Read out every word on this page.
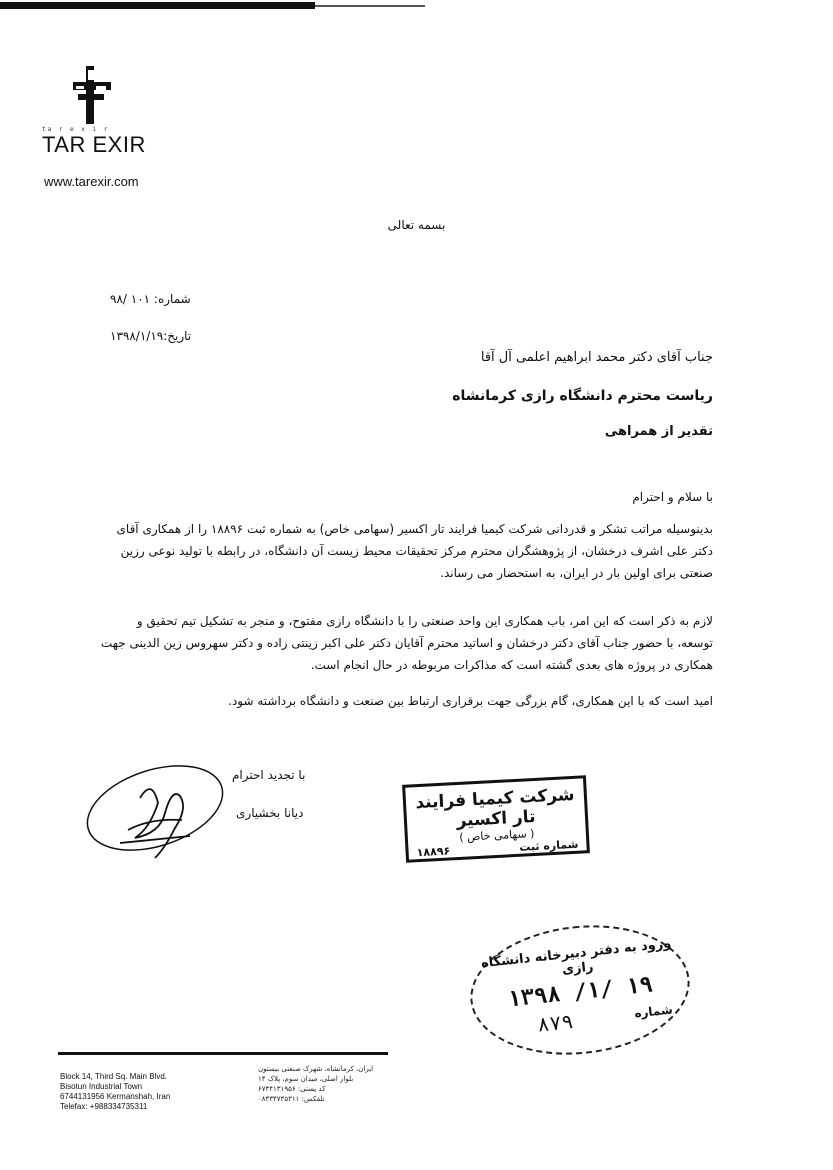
ta r e x i r
TAR EXIR
www.tarexir.com
بسمه تعالی
شماره: ۱۰۱ /۹۸
تاریخ:۱۳۹۸/۱/۱۹
جناب آقای دکتر محمد ابراهیم اعلمی آل آقا
ریاست محترم دانشگاه رازی کرمانشاه
تقدیر از همراهی
با سلام و احترام
بدینوسیله مراتب تشکر و قدردانی شرکت کیمیا فرایند تار اکسیر (سهامی خاص) به شماره ثبت ۱۸۸۹۶ را از همکاری آقای دکتر علی اشرف درخشان، از پژوهشگران محترم مرکز تحقیقات محیط زیست آن دانشگاه، در رابطه با تولید نوعی رزین صنعتی برای اولین بار در ایران، به استحضار می رساند.
لازم به ذکر است که این امر، باب همکاری این واحد صنعتی را با دانشگاه رازی مفتوح، و منجر به تشکیل تیم تحقیق و توسعه، با حضور جناب آقای دکتر درخشان و اساتید محترم آقایان دکتر علی اکبر زینتی زاده و دکتر سهروس زین الدینی جهت همکاری در پروژه های بعدی گشته است که مذاکرات مربوطه در حال انجام است.
امید است که با این همکاری، گام بزرگی جهت برقراری ارتباط بین صنعت و دانشگاه برداشته شود.
با تجدید احترام
دیانا بخشیاری	شرکت کیمیا فرایند تار اکسیر
( سهامی خاص )
شماره ثبت
۱۸۸۹۶
ورود به دفتر دبیرخانه دانشگاه رازی
۱۳۹۸ /۱/ ۱۹
۸۷۹	شماره
Block 14, Third Sq. Main Blvd.
Bisotun Industrial Town
6744131956 Kermanshah, Iran
Telefax: +988334735311
ایران، کرمانشاه، شهرک صنعتی بیستون
بلوار اصلی، میدان سوم، پلاک ۱۴
کد پستی: ۶۷۴۴۱۳۱۹۵۶
تلفکس: ۰۸۳۳۴۷۳۵۳۱۱
